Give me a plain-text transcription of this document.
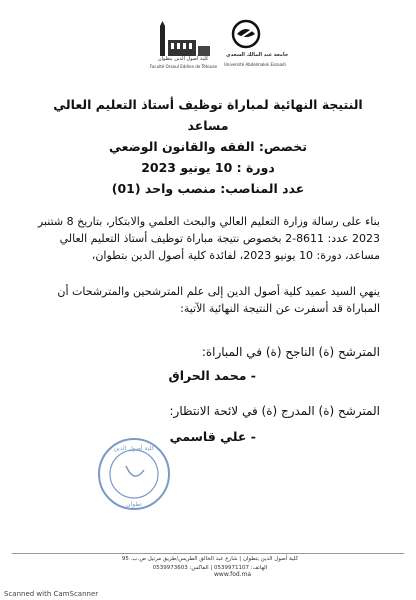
كلية أصول الدين بتطوان
Faculté Ossoul Eddine de Tétouan
جامعة عبد المالك السعدي
Université Abdelmalek Essaadi
النتيجة النهائية لمباراة توظيف أستاذ التعليم العالي مساعد
تخصص: الفقه والقانون الوضعي
دورة : 10 يونيو 2023
عدد المناصب: منصب واحد (01)
بناء على رسالة وزارة التعليم العالي والبحث العلمي والابتكار، بتاريخ 8 شتنبر 2023 عدد: 8611-2 بخصوص نتيجة مباراة توظيف أستاذ التعليم العالي مساعد، دورة: 10 يونيو 2023، لفائدة كلية أصول الدين بتطوان،
ينهي السيد عميد كلية أصول الدين إلى علم المترشحين والمترشحات أن المباراة قد أسفرت عن النتيجة النهائية الآتية:
المترشح (ة) الناجح (ة) في المباراة:
- محمد الحراق
المترشح (ة) المدرج (ة) في لائحة الانتظار:
- علي قاسمي
كلية أصول الدين
تطوان
كلية أصول الدين بتطوان | شارع عبد الخالق الطريس/طريق مرتيل ص.ب. 95
الهاتف: 0539971107 | الفاكس: 0539973603
www.fod.ma
Scanned with CamScanner
